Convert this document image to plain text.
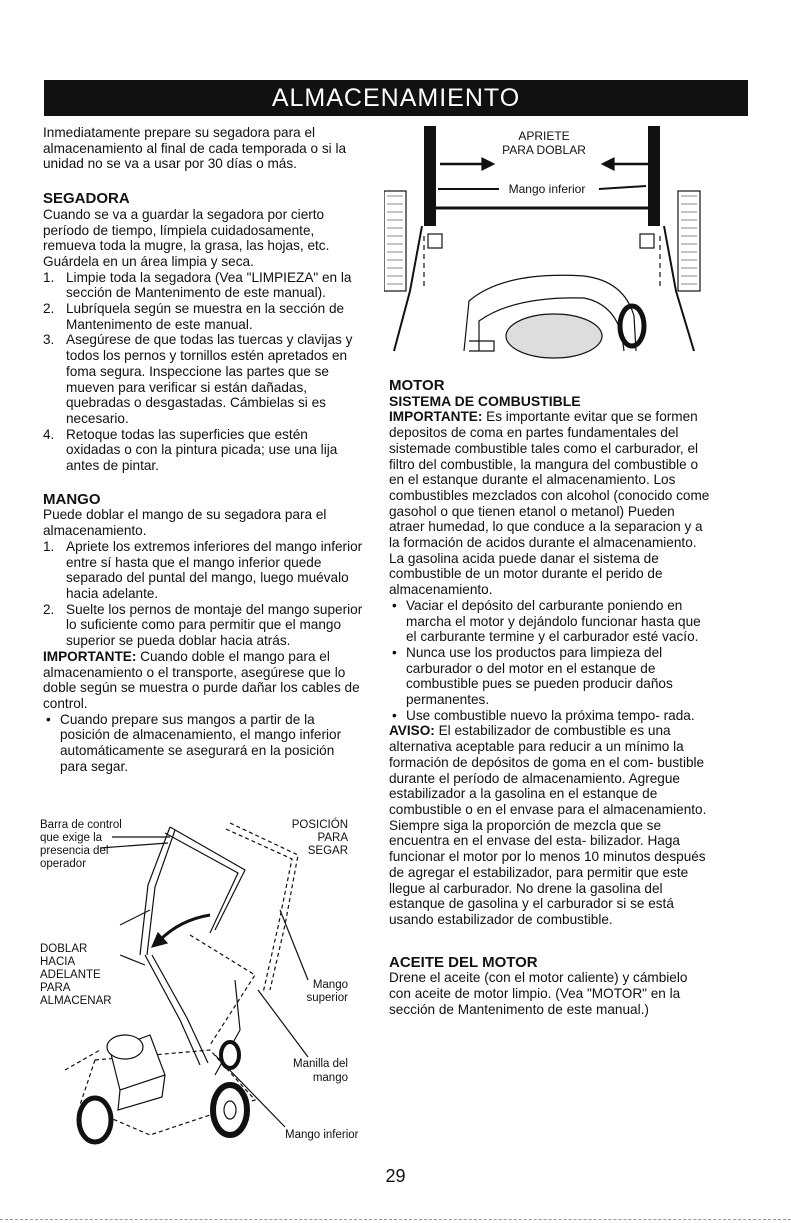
ALMACENAMIENTO

Inmediatamente prepare su segadora para el almacenamiento al final de cada temporada o si la unidad no se va a usar por 30 días o más.

SEGADORA

Cuando se va a guardar la segadora por cierto período de tiempo, límpiela cuidadosamente, remueva toda la mugre, la grasa, las hojas, etc. Guárdela en un área limpia y seca.

1. Limpie toda la segadora (Vea "LIMPIEZA" en la sección de Mantenimento de este manual).
2. Lubríquela según se muestra en la sección de Mantenimento de este manual.
3. Asegúrese de que todas las tuercas y clavijas y todos los pernos y tornillos estén apretados en foma segura. Inspeccione las partes que se mueven para verificar si están dañadas, quebradas o desgastadas. Cámbielas si es necesario.
4. Retoque todas las superficies que estén oxidadas o con la pintura picada; use una lija antes de pintar.

MANGO

Puede doblar el mango de su segadora para el almacenamiento.

1. Apriete los extremos inferiores del mango inferior entre sí hasta que el mango inferior quede separado del puntal del mango, luego muévalo hacia adelante.
2. Suelte los pernos de montaje del mango superior lo suficiente como para permitir que el mango superior se pueda doblar hacia atrás.

IMPORTANTE: Cuando doble el mango para el almacenamiento o el transporte, asegúrese que lo doble según se muestra o purde dañar los cables de control.

• Cuando prepare sus mangos a partir de la posición de almacenamiento, el mango inferior automáticamente se asegurará en la posición para segar.
Barra de control
que exige la
presencia del
operador
POSICIÓN
PARA
SEGAR
DOBLAR
HACIA
ADELANTE
PARA
ALMACENAR
Mango
superior
Manilla del
mango
Mango inferior
APRIETE
PARA DOBLAR
Mango inferior

MOTOR

SISTEMA DE COMBUSTIBLE

IMPORTANTE: Es importante evitar que se formen depositos de coma en partes fundamentales del sistemade combustible tales como el carburador, el filtro del combustible, la mangura del combustible o en el estanque durante el almacenamiento. Los combustibles mezclados con alcohol (conocido come gasohol o que tienen etanol o metanol) Pueden atraer humedad, lo que conduce a la separacion y a la formación de acidos durante el almacenamiento. La gasolina acida puede danar el sistema de combustible de un motor durante el perido de almacenamiento.

• Vaciar el depósito del carburante poniendo en marcha el motor y dejándolo funcionar hasta que el carburante termine y el carburador esté vacío.
• Nunca use los productos para limpieza del carburador o del motor en el estanque de combustible pues se pueden producir daños permanentes.
• Use combustible nuevo la próxima tempo- rada.

AVISO: El estabilizador de combustible es una alternativa aceptable para reducir a un mínimo la formación de depósitos de goma en el com- bustible durante el período de almacenamiento. Agregue estabilizador a la gasolina en el estanque de combustible o en el envase para el almacenamiento. Siempre siga la proporción de mezcla que se encuentra en el envase del esta- bilizador. Haga funcionar el motor por lo menos 10 minutos después de agregar el estabilizador, para permitir que este llegue al carburador. No drene la gasolina del estanque de gasolina y el carburador si se está usando estabilizador de combustible.

ACEITE DEL MOTOR

Drene el aceite (con el motor caliente) y cámbielo con aceite de motor limpio. (Vea "MOTOR" en la sección de Mantenimento de este manual.)

29
